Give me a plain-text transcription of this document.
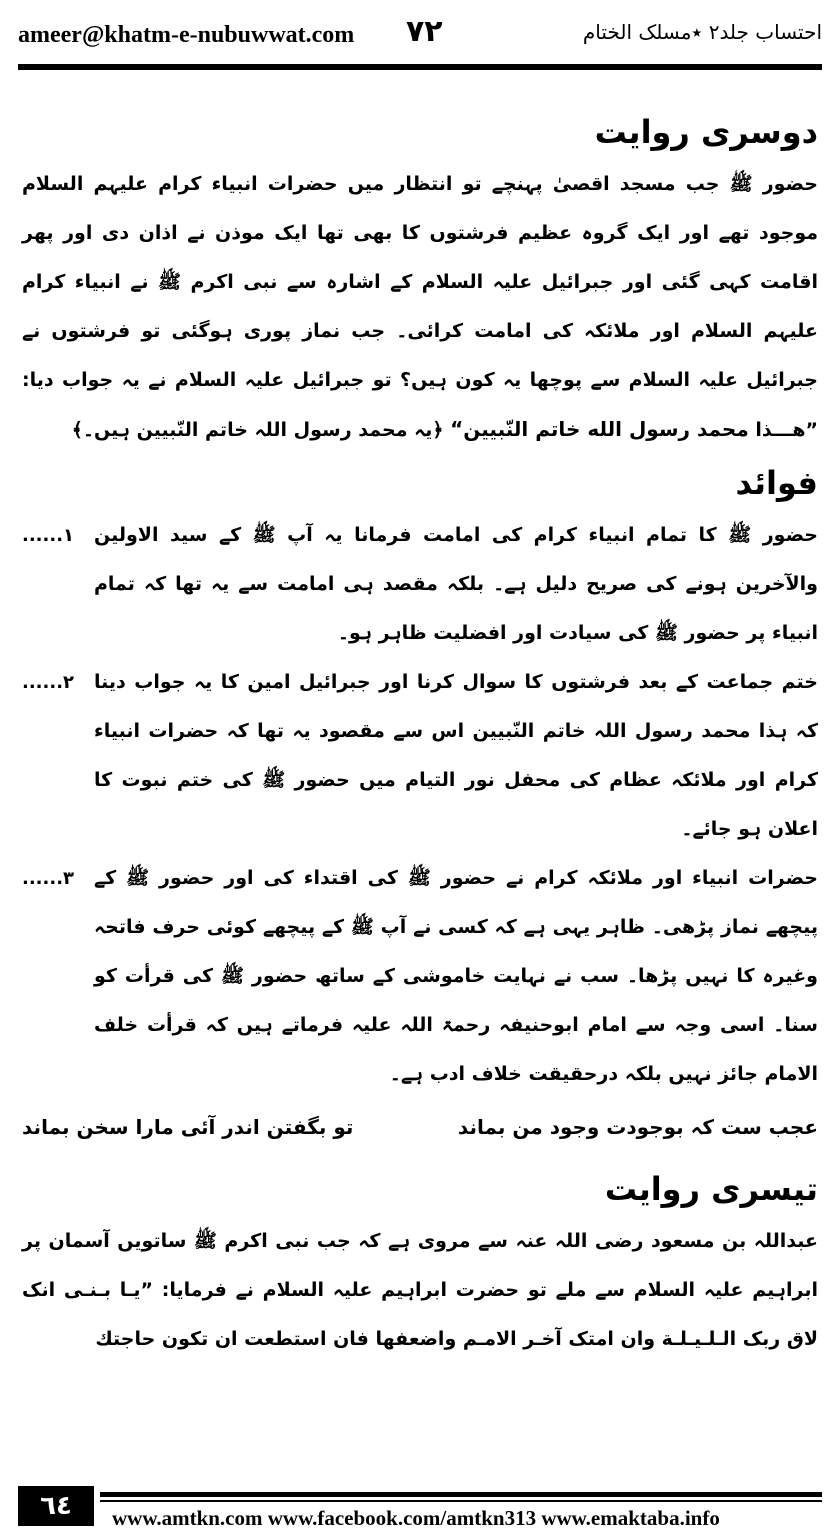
ameer@khatm-e-nubuwwat.com ۷۲	احتساب جلد۲ ٭مسلک الختام
دوسری روایت

حضور ﷺ جب مسجد اقصیٰ پہنچے تو انتظار میں حضرات انبیاء کرام علیہم السلام موجود تھے اور ایک گروہ عظیم فرشتوں کا بھی تھا ایک موذن نے اذان دی اور پھر اقامت کہی گئی اور جبرائیل علیہ السلام کے اشارہ سے نبی اکرم ﷺ نے انبیاء کرام علیہم السلام اور ملائکہ کی امامت کرائی۔ جب نماز پوری ہوگئی تو فرشتوں نے جبرائیل علیہ السلام سے پوچھا یہ کون ہیں؟ تو جبرائیل علیہ السلام نے یہ جواب دیا: ”ھـــذا محمد رسول الله خاتم النّبيين“ ﴿یہ محمد رسول اللہ خاتم النّبیین ہیں۔﴾

فوائد
حضور ﷺ کا تمام انبیاء کرام کی امامت فرمانا یہ آپ ﷺ کے سید الاولین والآخرین ہونے کی صریح دلیل ہے۔ بلکہ مقصد ہی امامت سے یہ تھا کہ تمام انبیاء پر حضور ﷺ کی سیادت اور افضلیت ظاہر ہو۔
۱......
ختم جماعت کے بعد فرشتوں کا سوال کرنا اور جبرائیل امین کا یہ جواب دینا کہ ہذا محمد رسول اللہ خاتم النّبیین اس سے مقصود یہ تھا کہ حضرات انبیاء کرام اور ملائکہ عظام کی محفل نور التیام میں حضور ﷺ کی ختم نبوت کا اعلان ہو جائے۔
۲......
حضرات انبیاء اور ملائکہ کرام نے حضور ﷺ کی اقتداء کی اور حضور ﷺ کے پیچھے نماز پڑھی۔ ظاہر یہی ہے کہ کسی نے آپ ﷺ کے پیچھے کوئی حرف فاتحہ وغیرہ کا نہیں پڑھا۔ سب نے نہایت خاموشی کے ساتھ حضور ﷺ کی قرأت کو سنا۔ اسی وجہ سے امام ابوحنیفہ رحمۃ اللہ علیہ فرماتے ہیں کہ قرأت خلف الامام جائز نہیں بلکہ درحقیقت خلاف ادب ہے۔
۳......
عجب ست کہ بوجودت وجود من بماند
تو بگفتن اندر آئی مارا سخن بماند
تیسری روایت

عبداللہ بن مسعود رضی اللہ عنہ سے مروی ہے کہ جب نبی اکرم ﷺ ساتویں آسمان پر ابراہیم علیہ السلام سے ملے تو حضرت ابراہیم علیہ السلام نے فرمایا: ”یـا بـنـی انک لاق ربک الـلـيـلـة وان امتک آخـر الامـم واضعفها فان استطعت ان تكون حاجتك

٦٤	www.amtkn.com www.facebook.com/amtkn313 www.emaktaba.info
